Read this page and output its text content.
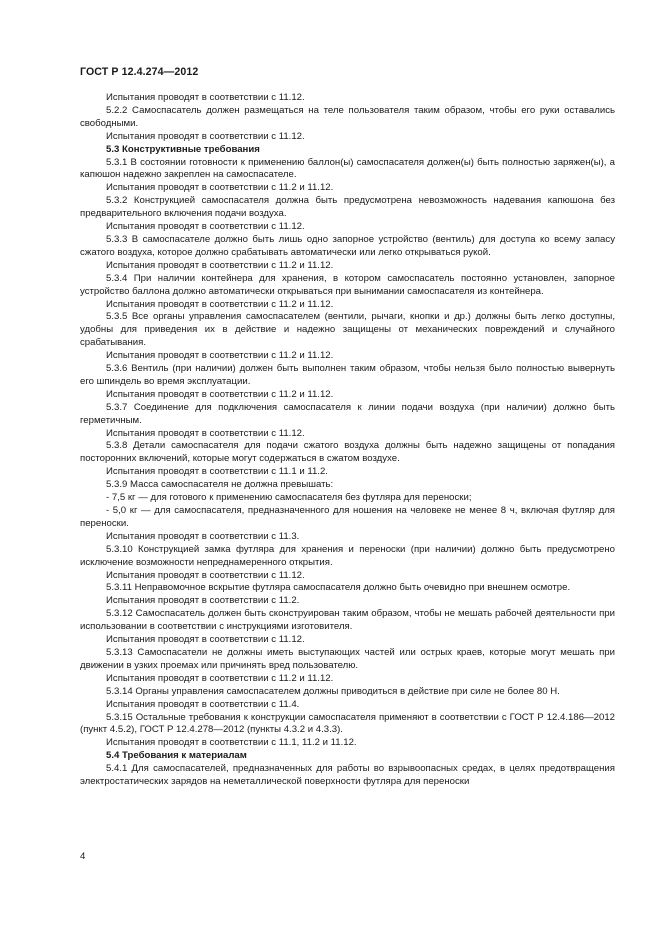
ГОСТ Р 12.4.274—2012

Испытания проводят в соответствии с 11.12.

5.2.2 Самоспасатель должен размещаться на теле пользователя таким образом, чтобы его руки оставались свободными.

Испытания проводят в соответствии с 11.12.

5.3 Конструктивные требования

5.3.1 В состоянии готовности к применению баллон(ы) самоспасателя должен(ы) быть полностью заряжен(ы), а капюшон надежно закреплен на самоспасателе.

Испытания проводят в соответствии с 11.2 и 11.12.

5.3.2 Конструкцией самоспасателя должна быть предусмотрена невозможность надевания капюшона без предварительного включения подачи воздуха.

Испытания проводят в соответствии с 11.12.

5.3.3 В самоспасателе должно быть лишь одно запорное устройство (вентиль) для доступа ко всему запасу сжатого воздуха, которое должно срабатывать автоматически или легко открываться рукой.

Испытания проводят в соответствии с 11.2 и 11.12.

5.3.4 При наличии контейнера для хранения, в котором самоспасатель постоянно установлен, запорное устройство баллона должно автоматически открываться при вынимании самоспасателя из контейнера.

Испытания проводят в соответствии с 11.2 и 11.12.

5.3.5 Все органы управления самоспасателем (вентили, рычаги, кнопки и др.) должны быть легко доступны, удобны для приведения их в действие и надежно защищены от механических повреждений и случайного срабатывания.

Испытания проводят в соответствии с 11.2 и 11.12.

5.3.6 Вентиль (при наличии) должен быть выполнен таким образом, чтобы нельзя было полностью вывернуть его шпиндель во время эксплуатации.

Испытания проводят в соответствии с 11.2 и 11.12.

5.3.7 Соединение для подключения самоспасателя к линии подачи воздуха (при наличии) должно быть герметичным.

Испытания проводят в соответствии с 11.12.

5.3.8 Детали самоспасателя для подачи сжатого воздуха должны быть надежно защищены от попадания посторонних включений, которые могут содержаться в сжатом воздухе.

Испытания проводят в соответствии с 11.1 и 11.2.

5.3.9 Масса самоспасателя не должна превышать:

- 7,5 кг — для готового к применению самоспасателя без футляра для переноски;

- 5,0 кг — для самоспасателя, предназначенного для ношения на человеке не менее 8 ч, включая футляр для переноски.

Испытания проводят в соответствии с 11.3.

5.3.10 Конструкцией замка футляра для хранения и переноски (при наличии) должно быть предусмотрено исключение возможности непреднамеренного открытия.

Испытания проводят в соответствии с 11.12.

5.3.11 Неправомочное вскрытие футляра самоспасателя должно быть очевидно при внешнем осмотре.

Испытания проводят в соответствии с 11.2.

5.3.12 Самоспасатель должен быть сконструирован таким образом, чтобы не мешать рабочей деятельности при использовании в соответствии с инструкциями изготовителя.

Испытания проводят в соответствии с 11.12.

5.3.13 Самоспасатели не должны иметь выступающих частей или острых краев, которые могут мешать при движении в узких проемах или причинять вред пользователю.

Испытания проводят в соответствии с 11.2 и 11.12.

5.3.14 Органы управления самоспасателем должны приводиться в действие при силе не более 80 Н.

Испытания проводят в соответствии с 11.4.

5.3.15 Остальные требования к конструкции самоспасателя применяют в соответствии с ГОСТ Р 12.4.186—2012 (пункт 4.5.2), ГОСТ Р 12.4.278—2012 (пункты 4.3.2 и 4.3.3).

Испытания проводят в соответствии с 11.1, 11.2 и 11.12.

5.4 Требования к материалам

5.4.1 Для самоспасателей, предназначенных для работы во взрывоопасных средах, в целях предотвращения электростатических зарядов на неметаллической поверхности футляра для переноски

4
